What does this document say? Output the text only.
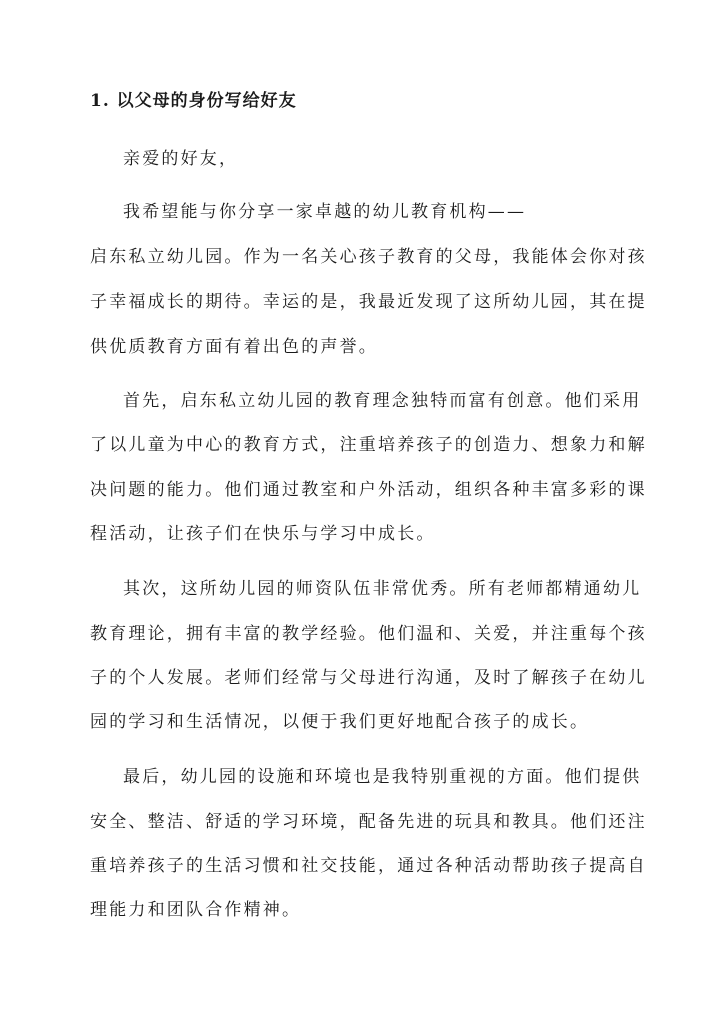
1. 以父母的身份写给好友
亲爱的好友，
我希望能与你分享一家卓越的幼儿教育机构——
启东私立幼儿园。作为一名关心孩子教育的父母，我能体会你对孩
子幸福成长的期待。幸运的是，我最近发现了这所幼儿园，其在提
供优质教育方面有着出色的声誉。
首先，启东私立幼儿园的教育理念独特而富有创意。他们采用
了以儿童为中心的教育方式，注重培养孩子的创造力、想象力和解
决问题的能力。他们通过教室和户外活动，组织各种丰富多彩的课
程活动，让孩子们在快乐与学习中成长。
其次，这所幼儿园的师资队伍非常优秀。所有老师都精通幼儿
教育理论，拥有丰富的教学经验。他们温和、关爱，并注重每个孩
子的个人发展。老师们经常与父母进行沟通，及时了解孩子在幼儿
园的学习和生活情况，以便于我们更好地配合孩子的成长。
最后，幼儿园的设施和环境也是我特别重视的方面。他们提供
安全、整洁、舒适的学习环境，配备先进的玩具和教具。他们还注
重培养孩子的生活习惯和社交技能，通过各种活动帮助孩子提高自
理能力和团队合作精神。
